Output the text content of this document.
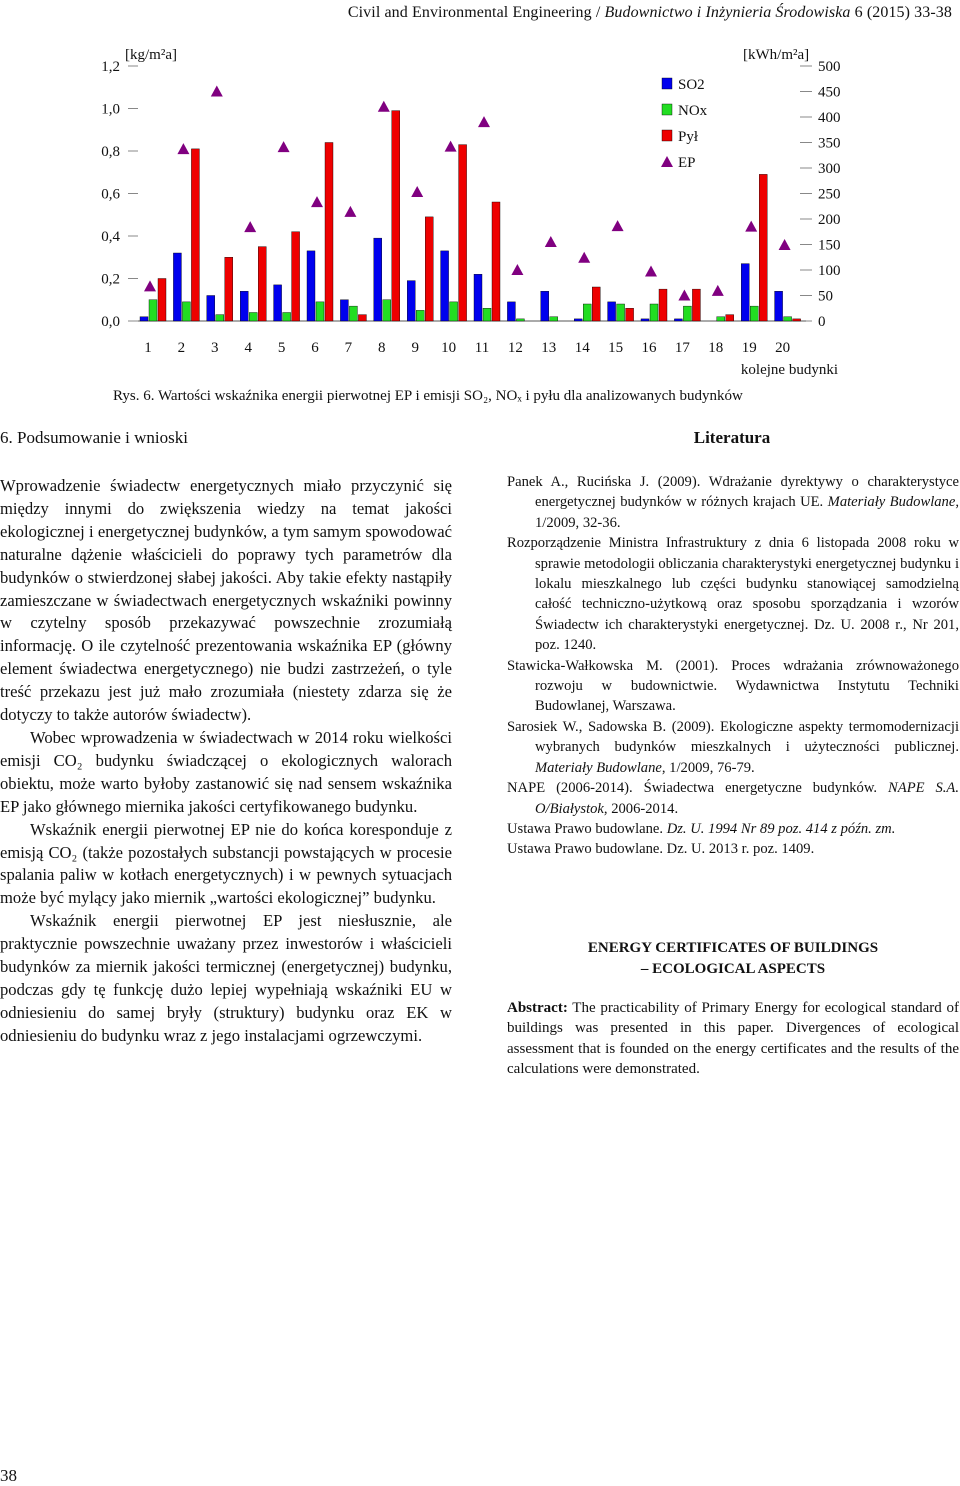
Civil and Environmental Engineering / Budownictwo i Inżynieria Środowiska 6 (2015) 33-38
0,0
0,2
0,4
0,6
0,8
1,0
1,2
0
50
100
150
200
250
300
350
400
450
500
[kg/m²a]	[kWh/m²a]
1 2 3 4 5 6 7 8 9 10 11 12 13 14 15 16 17 18 19 20
kolejne budynki
SO2
NOx
Pył
EP
Rys. 6. Wartości wskaźnika energii pierwotnej EP i emisji SO₂, NOₓ i pyłu dla analizowanych budynków
6. Podsumowanie i wnioski

Wprowadzenie świadectw energetycznych miało przyczynić się między innymi do zwiększenia wiedzy na temat jakości ekologicznej i energetycznej budynków, a tym samym spowodować naturalne dążenie właścicieli do poprawy tych parametrów dla budynków o stwierdzonej słabej jakości. Aby takie efekty nastąpiły zamieszczane w świadectwach energetycznych wskaźniki powinny w czytelny sposób przekazywać powszechnie zrozumiałą informację. O ile czytelność prezentowania wskaźnika EP (główny element świadectwa energetycznego) nie budzi zastrzeżeń, o tyle treść przekazu jest już mało zrozumiała (niestety zdarza się że dotyczy to także autorów świadectw).

Wobec wprowadzenia w świadectwach w 2014 roku wielkości emisji CO₂ budynku świadczącej o ekologicznych walorach obiektu, może warto byłoby zastanowić się nad sensem wskaźnika EP jako głównego miernika jakości certyfikowanego budynku.

Wskaźnik energii pierwotnej EP nie do końca koresponduje z emisją CO₂ (także pozostałych substancji powstających w procesie spalania paliw w kotłach energetycznych) i w pewnych sytuacjach może być mylący jako miernik „wartości ekologicznej” budynku.

Wskaźnik energii pierwotnej EP jest niesłusznie, ale praktycznie powszechnie uważany przez inwestorów i właścicieli budynków za miernik jakości termicznej (energetycznej) budynku, podczas gdy tę funkcję dużo lepiej wypełniają wskaźniki EU w odniesieniu do samej bryły (struktury) budynku oraz EK w odniesieniu do budynku wraz z jego instalacjami ogrzewczymi.

Literatura

Panek A., Rucińska J. (2009). Wdrażanie dyrektywy o charakterystyce energetycznej budynków w różnych krajach UE. Materiały Budowlane, 1/2009, 32-36.

Rozporządzenie Ministra Infrastruktury z dnia 6 listopada 2008 roku w sprawie metodologii obliczania charakterystyki energetycznej budynku i lokalu mieszkalnego lub części budynku stanowiącej samodzielną całość techniczno-użytkową oraz sposobu sporządzania i wzorów Świadectw ich charakterystyki energetycznej. Dz. U. 2008 r., Nr 201, poz. 1240.

Stawicka-Wałkowska M. (2001). Proces wdrażania zrównoważonego rozwoju w budownictwie. Wydawnictwa Instytutu Techniki Budowlanej, Warszawa.

Sarosiek W., Sadowska B. (2009). Ekologiczne aspekty termomodernizacji wybranych budynków mieszkalnych i użyteczności publicznej. Materiały Budowlane, 1/2009, 76-79.

NAPE (2006-2014). Świadectwa energetyczne budynków. NAPE S.A. O/Białystok, 2006-2014.

Ustawa Prawo budowlane. Dz. U. 1994 Nr 89 poz. 414 z późn. zm.

Ustawa Prawo budowlane. Dz. U. 2013 r. poz. 1409.

ENERGY CERTIFICATES OF BUILDINGS
– ECOLOGICAL ASPECTS
Abstract: The practicability of Primary Energy for ecological standard of buildings was presented in this paper. Divergences of ecological assessment that is founded on the energy certificates and the results of the calculations were demonstrated.
38
